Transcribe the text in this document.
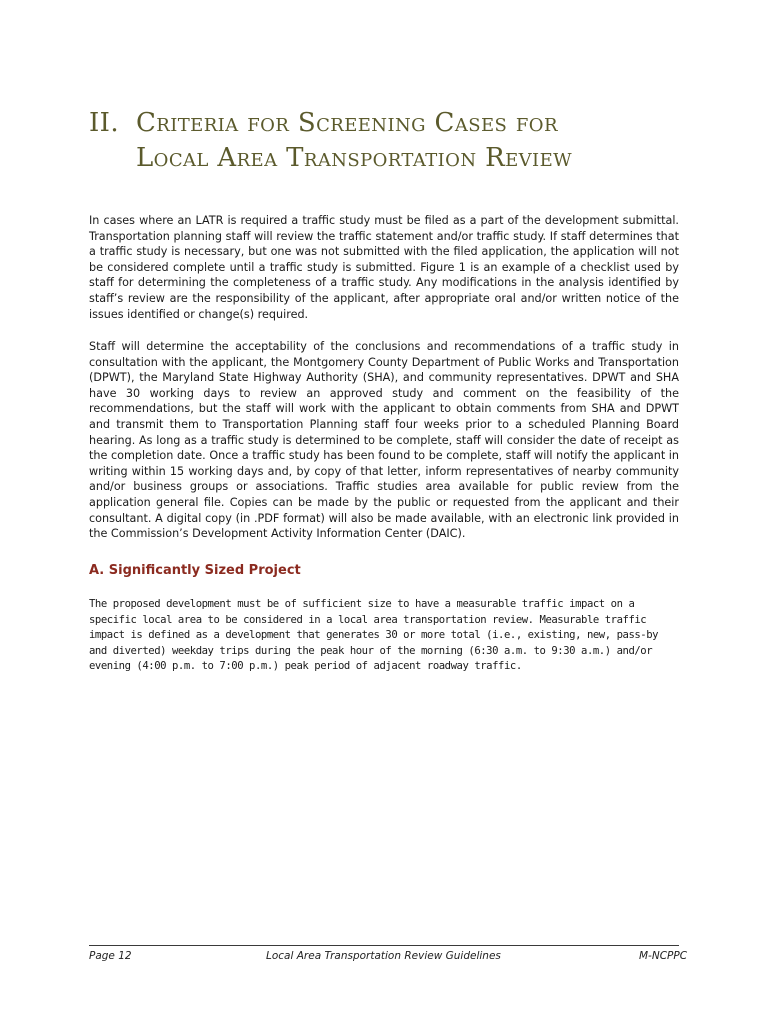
II. Criteria for Screening Cases for
Local Area Transportation Review

In cases where an LATR is required a traffic study must be filed as a part of the development submittal. Transportation planning staff will review the traffic statement and/or traffic study. If staff determines that a traffic study is necessary, but one was not submitted with the filed application, the application will not be considered complete until a traffic study is submitted. Figure 1 is an example of a checklist used by staff for determining the completeness of a traffic study. Any modifications in the analysis identified by staff’s review are the responsibility of the applicant, after appropriate oral and/or written notice of the issues identified or change(s) required.

Staff will determine the acceptability of the conclusions and recommendations of a traffic study in consultation with the applicant, the Montgomery County Department of Public Works and Transportation (DPWT), the Maryland State Highway Authority (SHA), and community representatives. DPWT and SHA have 30 working days to review an approved study and comment on the feasibility of the recommendations, but the staff will work with the applicant to obtain comments from SHA and DPWT and transmit them to Transportation Planning staff four weeks prior to a scheduled Planning Board hearing. As long as a traffic study is determined to be complete, staff will consider the date of receipt as the completion date. Once a traffic study has been found to be complete, staff will notify the applicant in writing within 15 working days and, by copy of that letter, inform representatives of nearby community and/or business groups or associations. Traffic studies area available for public review from the application general file. Copies can be made by the public or requested from the applicant and their consultant. A digital copy (in .PDF format) will also be made available, with an electronic link provided in the Commission’s Development Activity Information Center (DAIC).

A. Significantly Sized Project

The proposed development must be of sufficient size to have a measurable traffic impact on a specific local area to be considered in a local area transportation review. Measurable traffic impact is defined as a development that generates 30 or more total (i.e., existing, new, pass-by and diverted) weekday trips during the peak hour of the morning (6:30 a.m. to 9:30 a.m.) and/or evening (4:00 p.m. to 7:00 p.m.) peak period of adjacent roadway traffic.

Page 12	Local Area Transportation Review Guidelines	M-NCPPC
